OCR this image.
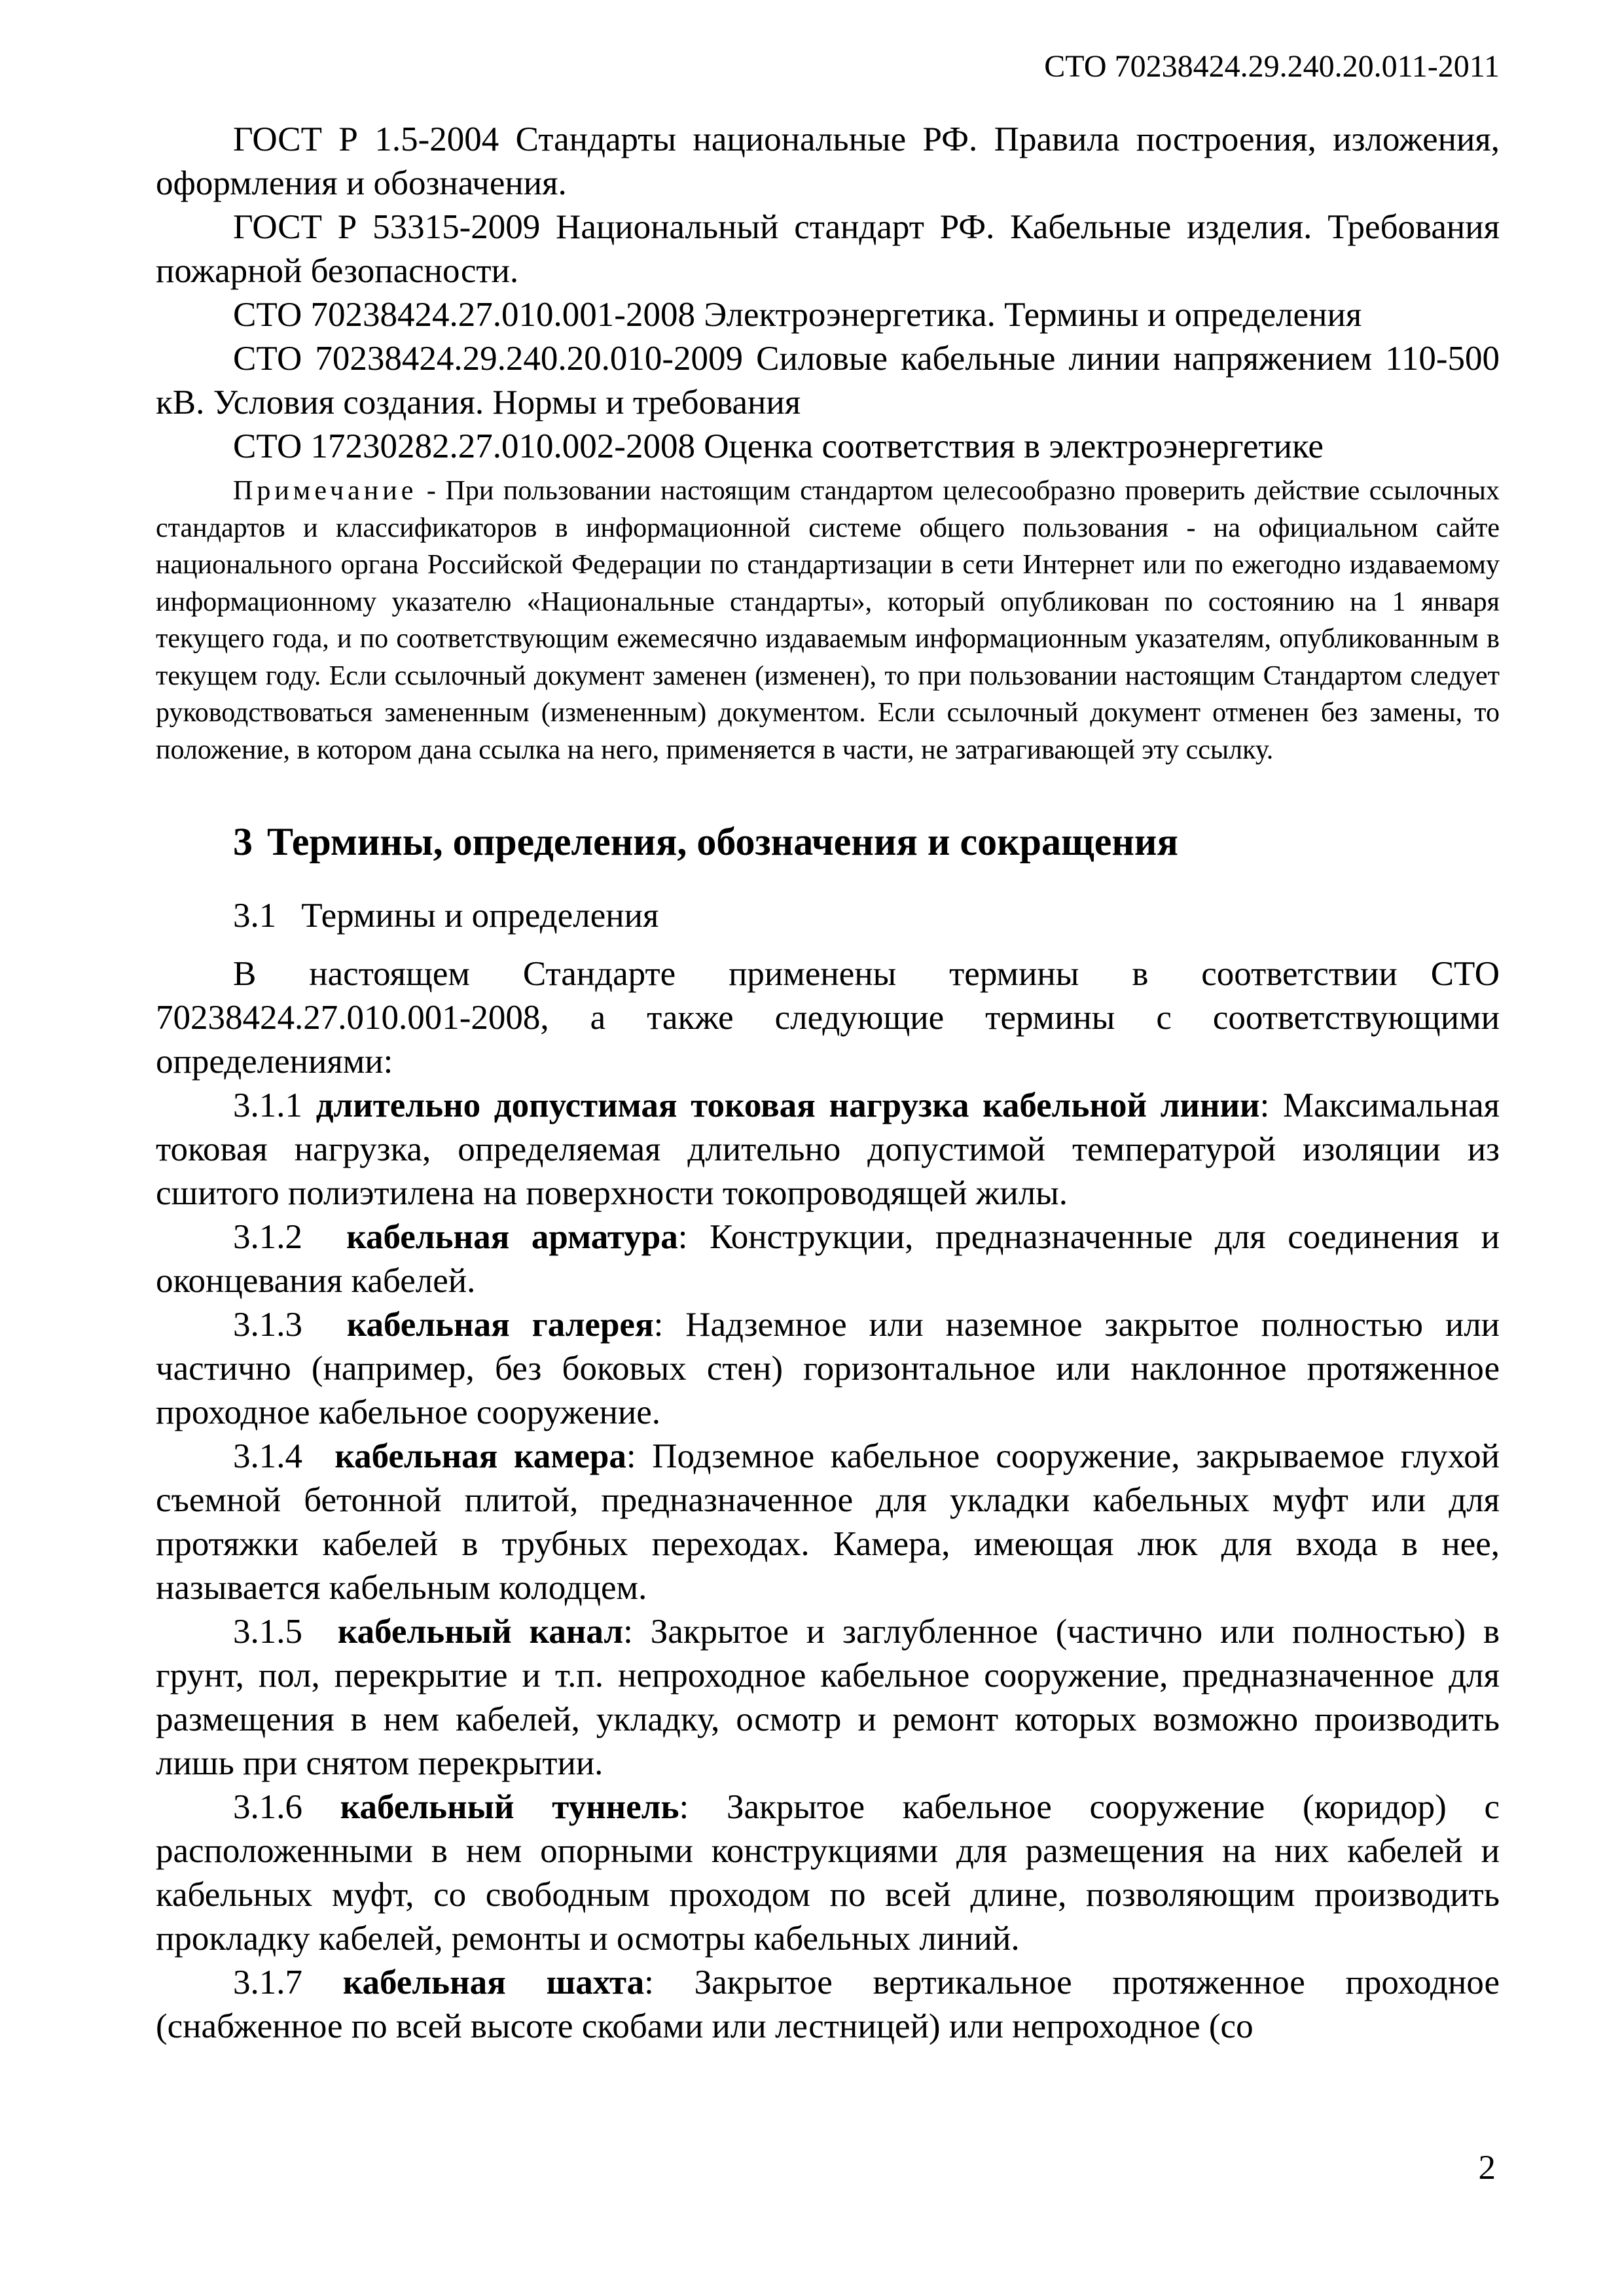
СТО 70238424.29.240.20.011-2011

ГОСТ Р 1.5-2004 Стандарты национальные РФ. Правила построения, изложения, оформления и обозначения.

ГОСТ Р 53315-2009 Национальный стандарт РФ. Кабельные изделия. Требования пожарной безопасности.

СТО 70238424.27.010.001-2008 Электроэнергетика. Термины и определения

СТО 70238424.29.240.20.010-2009 Силовые кабельные линии напряжением 110-500 кВ. Условия создания. Нормы и требования

СТО 17230282.27.010.002-2008 Оценка соответствия в электроэнергетике

Примечание - При пользовании настоящим стандартом целесообразно проверить действие ссылочных стандартов и классификаторов в информационной системе общего пользования - на официальном сайте национального органа Российской Федерации по стандартизации в сети Интернет или по ежегодно издаваемому информационному указателю «Национальные стандарты», который опубликован по состоянию на 1 января текущего года, и по соответствующим ежемесячно издаваемым информационным указателям, опубликованным в текущем году. Если ссылочный документ заменен (изменен), то при пользовании настоящим Стандартом следует руководствоваться замененным (измененным) документом. Если ссылочный документ отменен без замены, то положение, в котором дана ссылка на него, применяется в части, не затрагивающей эту ссылку.

3 Термины, определения, обозначения и сокращения
3.1 Термины и определения

В настоящем Стандарте применены термины в соответствии СТО 70238424.27.010.001-2008, а также следующие термины с соответствующими определениями:

3.1.1 длительно допустимая токовая нагрузка кабельной линии: Максимальная токовая нагрузка, определяемая длительно допустимой температурой изоляции из сшитого полиэтилена на поверхности токопроводящей жилы.

3.1.2 кабельная арматура: Конструкции, предназначенные для соединения и оконцевания кабелей.

3.1.3 кабельная галерея: Надземное или наземное закрытое полностью или частично (например, без боковых стен) горизонтальное или наклонное протяженное проходное кабельное сооружение.

3.1.4 кабельная камера: Подземное кабельное сооружение, закрываемое глухой съемной бетонной плитой, предназначенное для укладки кабельных муфт или для протяжки кабелей в трубных переходах. Камера, имеющая люк для входа в нее, называется кабельным колодцем.

3.1.5 кабельный канал: Закрытое и заглубленное (частично или полностью) в грунт, пол, перекрытие и т.п. непроходное кабельное сооружение, предназначенное для размещения в нем кабелей, укладку, осмотр и ремонт которых возможно производить лишь при снятом перекрытии.

3.1.6 кабельный туннель: Закрытое кабельное сооружение (коридор) с расположенными в нем опорными конструкциями для размещения на них кабелей и кабельных муфт, со свободным проходом по всей длине, позволяющим производить прокладку кабелей, ремонты и осмотры кабельных линий.

3.1.7 кабельная шахта: Закрытое вертикальное протяженное проходное (снабженное по всей высоте скобами или лестницей) или непроходное (со

2
